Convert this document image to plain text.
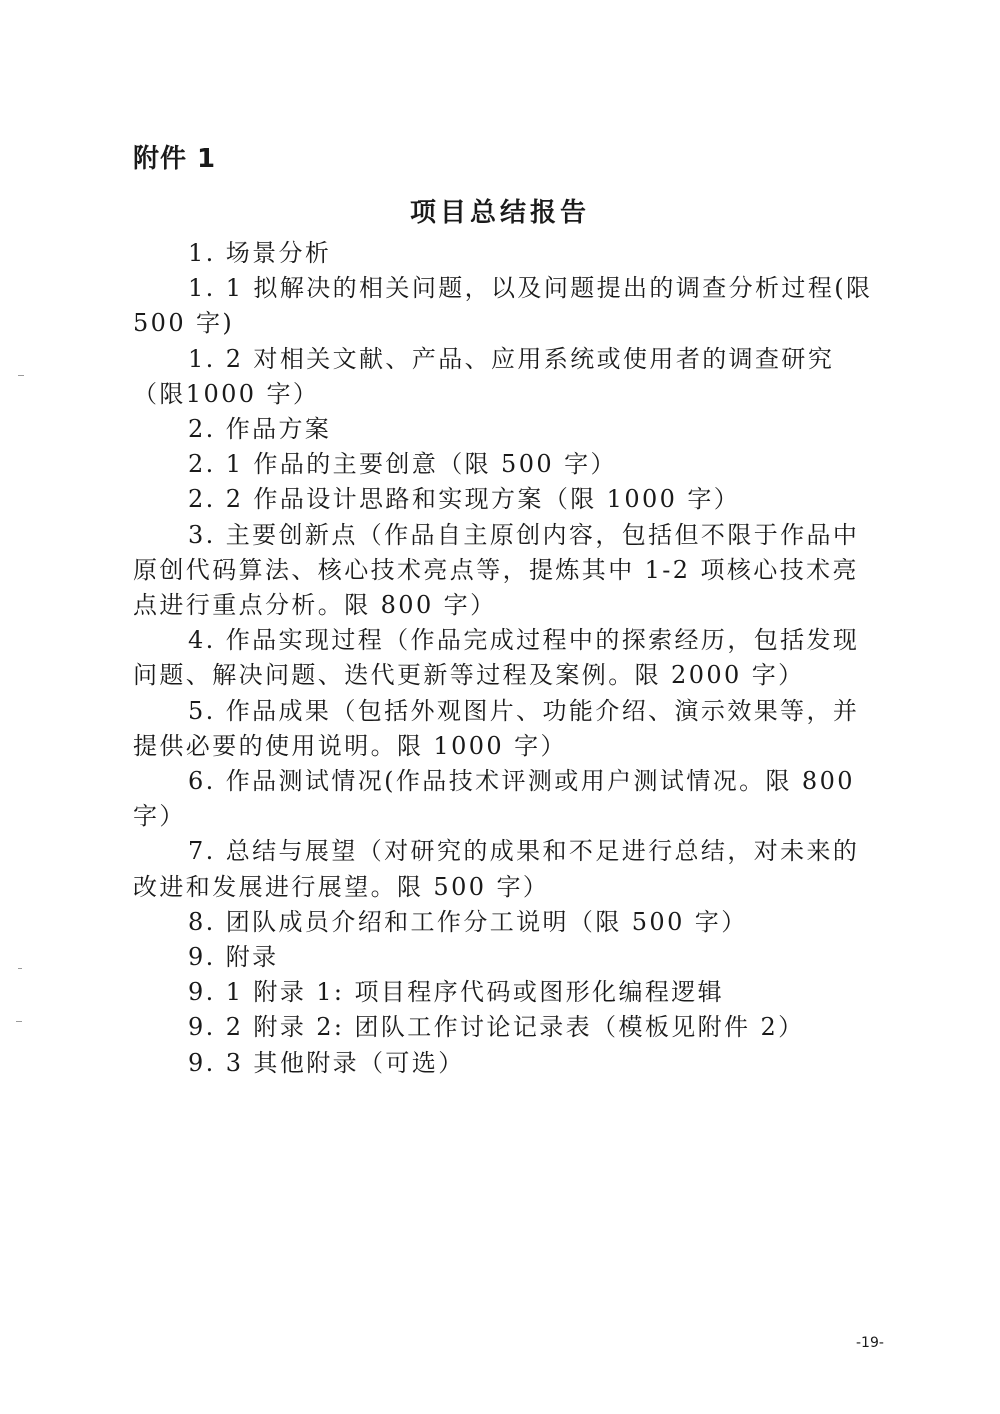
附件 1
项目总结报告

1. 场景分析

1. 1 拟解决的相关问题，以及问题提出的调查分析过程(限500 字)

1. 2 对相关文献、产品、应用系统或使用者的调查研究（限1000 字）

2. 作品方案

2. 1 作品的主要创意（限 500 字）

2. 2 作品设计思路和实现方案（限 1000 字）

3. 主要创新点（作品自主原创内容，包括但不限于作品中原创代码算法、核心技术亮点等，提炼其中 1-2 项核心技术亮点进行重点分析。限 800 字）

4. 作品实现过程（作品完成过程中的探索经历，包括发现问题、解决问题、迭代更新等过程及案例。限 2000 字）

5. 作品成果（包括外观图片、功能介绍、演示效果等，并提供必要的使用说明。限 1000 字）

6. 作品测试情况(作品技术评测或用户测试情况。限 800 字）

7. 总结与展望（对研究的成果和不足进行总结，对未来的改进和发展进行展望。限 500 字）

8. 团队成员介绍和工作分工说明（限 500 字）

9. 附录

9. 1 附录 1: 项目程序代码或图形化编程逻辑

9. 2 附录 2: 团队工作讨论记录表（模板见附件 2）

9. 3 其他附录（可选）

-19-
